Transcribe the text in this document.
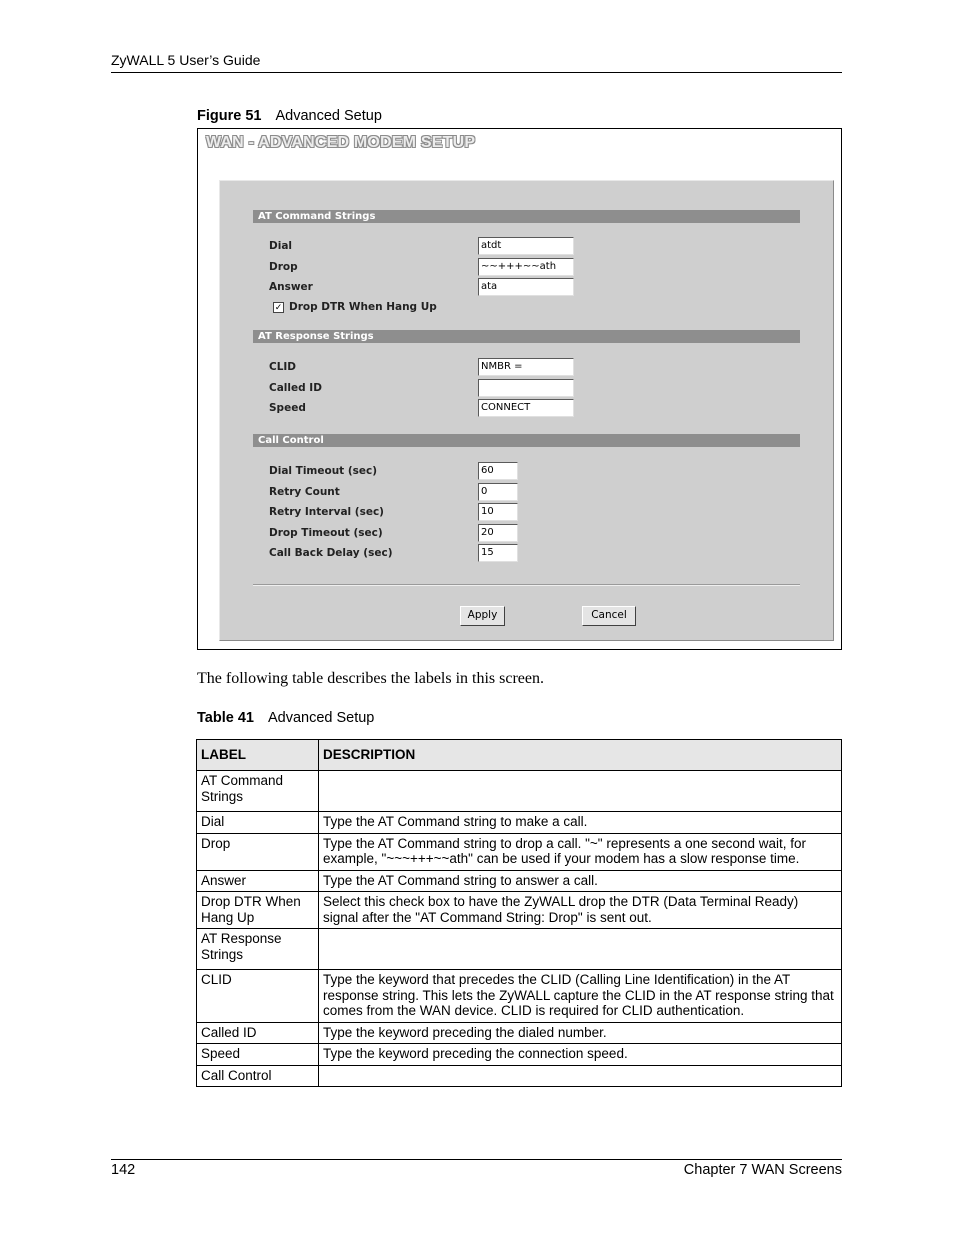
ZyWALL 5 User’s Guide
Figure 51 Advanced Setup
WAN - ADVANCED MODEM SETUP
AT Command Strings
Dial	atdt
Drop	~~+++~~ath
Answer	ata
✓ Drop DTR When Hang Up
AT Response Strings
CLID	NMBR =
Called ID
Speed	CONNECT
Call Control
Dial Timeout (sec)	60
Retry Count	0
Retry Interval (sec)	10
Drop Timeout (sec)	20
Call Back Delay (sec)	15
Apply	Cancel
The following table describes the labels in this screen.
Table 41 Advanced Setup
LABEL	DESCRIPTION
AT Command Strings	
Dial	Type the AT Command string to make a call.
Drop	Type the AT Command string to drop a call. "~" represents a one second wait, for example, "~~~+++~~ath" can be used if your modem has a slow response time.
Answer	Type the AT Command string to answer a call.
Drop DTR When Hang Up	Select this check box to have the ZyWALL drop the DTR (Data Terminal Ready) signal after the "AT Command String: Drop" is sent out.
AT Response Strings	
CLID	Type the keyword that precedes the CLID (Calling Line Identification) in the AT response string. This lets the ZyWALL capture the CLID in the AT response string that comes from the WAN device. CLID is required for CLID authentication.
Called ID	Type the keyword preceding the dialed number.
Speed	Type the keyword preceding the connection speed.
Call Control	
142	Chapter 7 WAN Screens
